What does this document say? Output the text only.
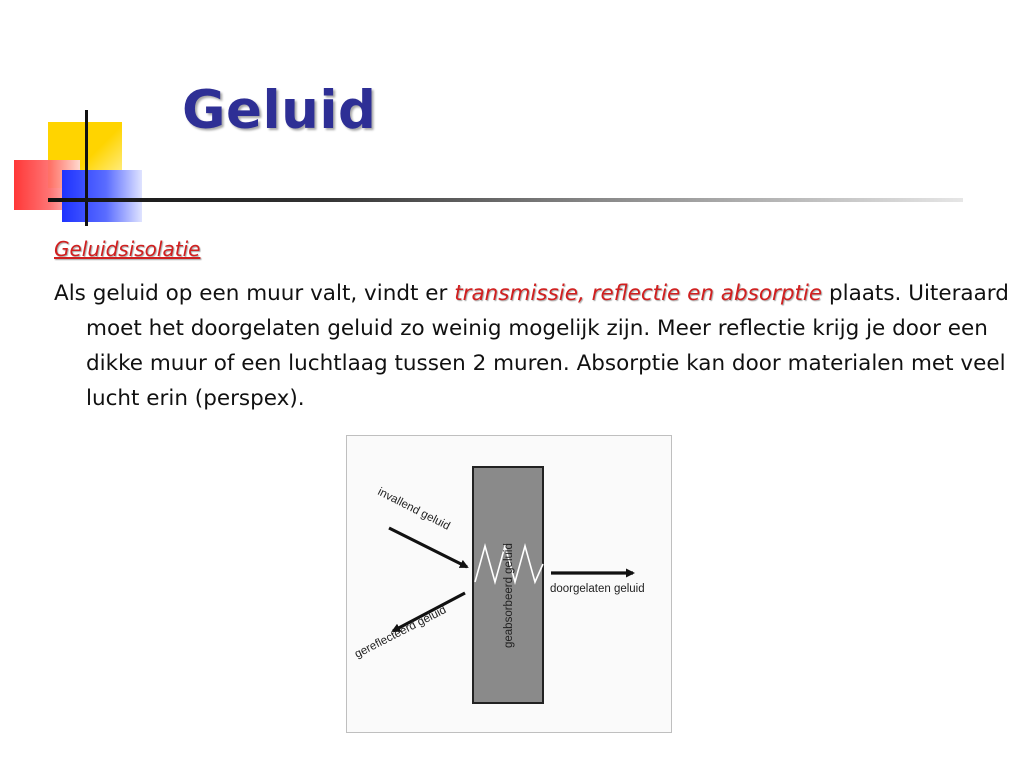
Geluid
Geluidsisolatie
Als geluid op een muur valt, vindt er transmissie, reflectie en absorptie plaats. Uiteraard moet het doorgelaten geluid zo weinig mogelijk zijn. Meer reflectie krijg je door een dikke muur of een luchtlaag tussen 2 muren. Absorptie kan door materialen met veel lucht erin (perspex).
geabsorbeerd geluid
invallend geluid
gereflecteerd geluid
doorgelaten geluid
